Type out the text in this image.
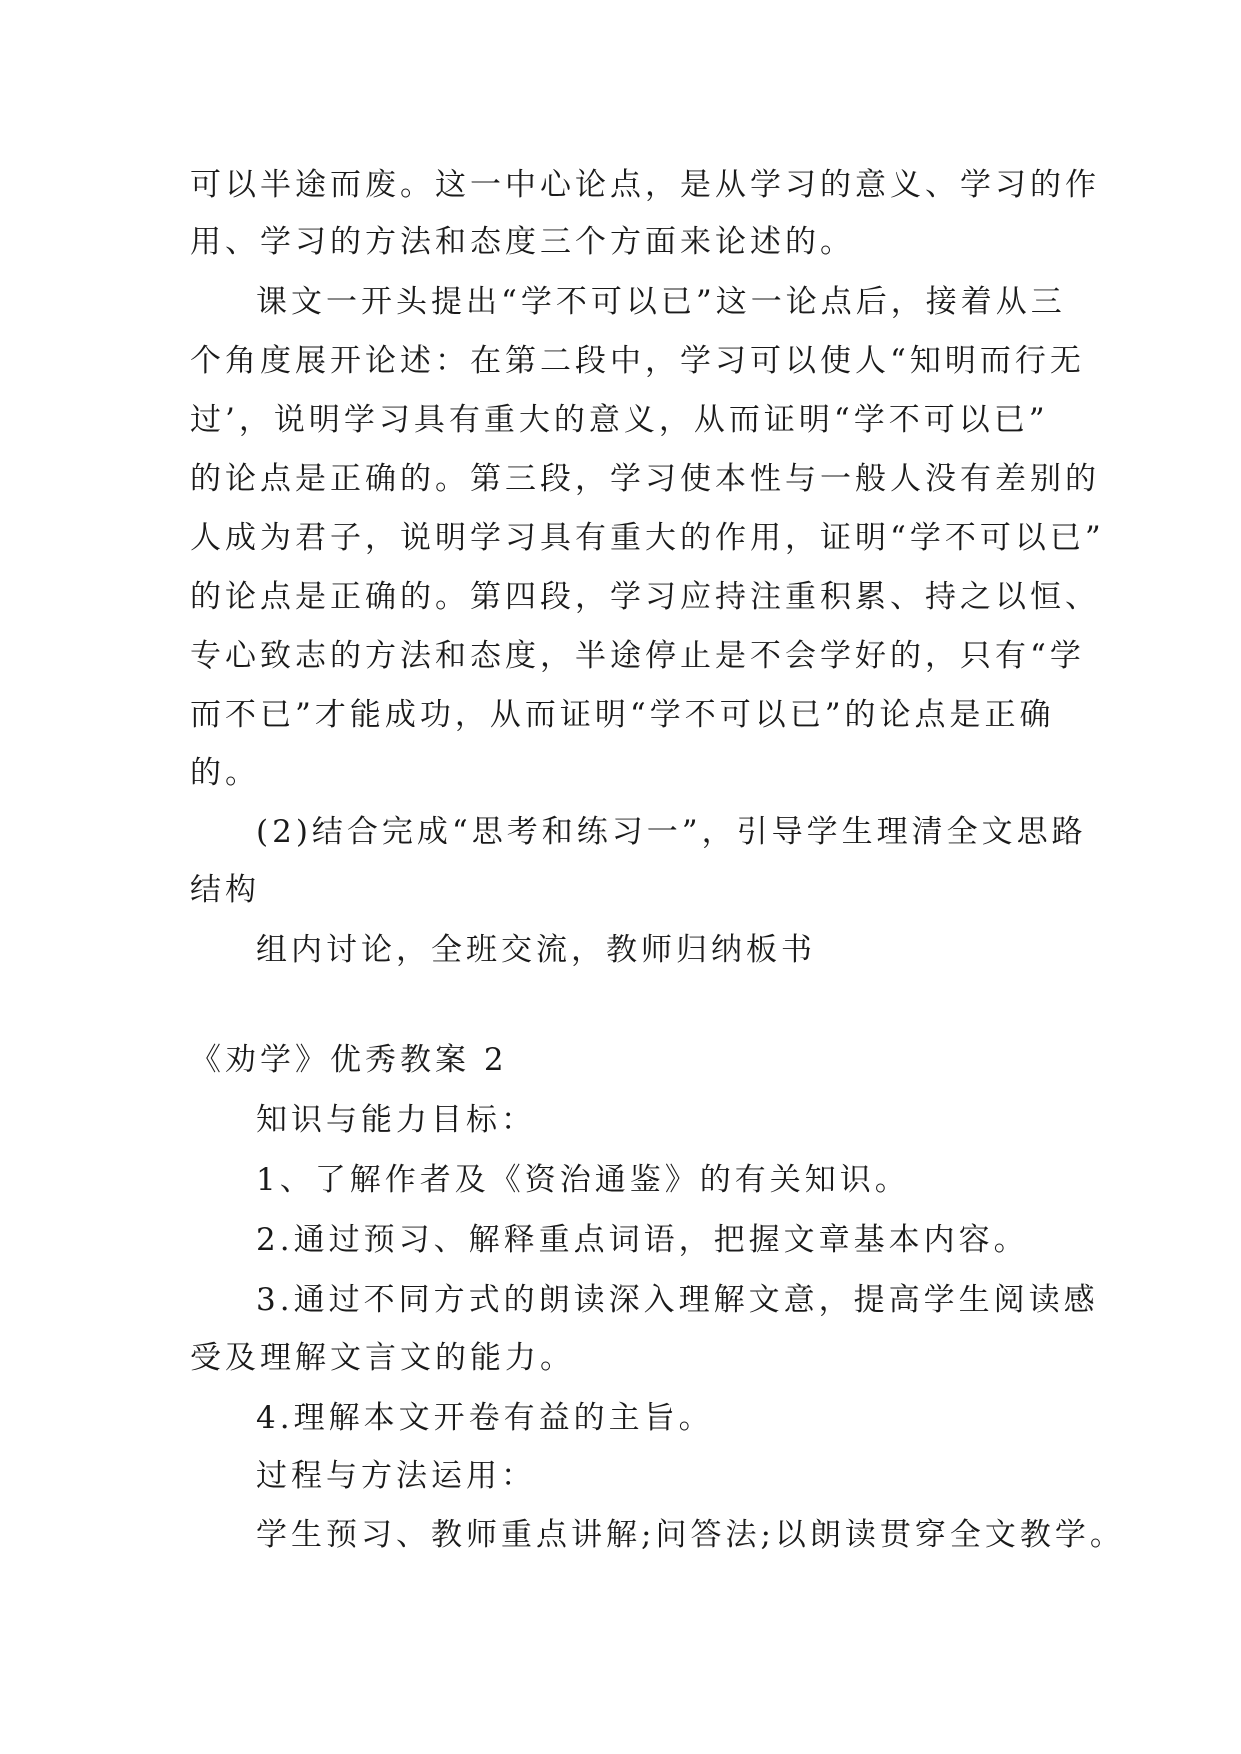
可以半途而废。这一中心论点，是从学习的意义、学习的作
用、学习的方法和态度三个方面来论述的。
课文一开头提出“学不可以已”这一论点后，接着从三
个角度展开论述：在第二段中，学习可以使人“知明而行无
过’，说明学习具有重大的意义，从而证明“学不可以已”
的论点是正确的。第三段，学习使本性与一般人没有差别的
人成为君子，说明学习具有重大的作用，证明“学不可以已”
的论点是正确的。第四段，学习应持注重积累、持之以恒、
专心致志的方法和态度，半途停止是不会学好的，只有“学
而不已”才能成功，从而证明“学不可以已”的论点是正确
的。
(2)结合完成“思考和练习一”，引导学生理清全文思路
结构
组内讨论，全班交流，教师归纳板书
《劝学》优秀教案 2
知识与能力目标：
1、了解作者及《资治通鉴》的有关知识。
2.通过预习、解释重点词语，把握文章基本内容。
3.通过不同方式的朗读深入理解文意，提高学生阅读感
受及理解文言文的能力。
4.理解本文开卷有益的主旨。
过程与方法运用：
学生预习、教师重点讲解;问答法;以朗读贯穿全文教学。
